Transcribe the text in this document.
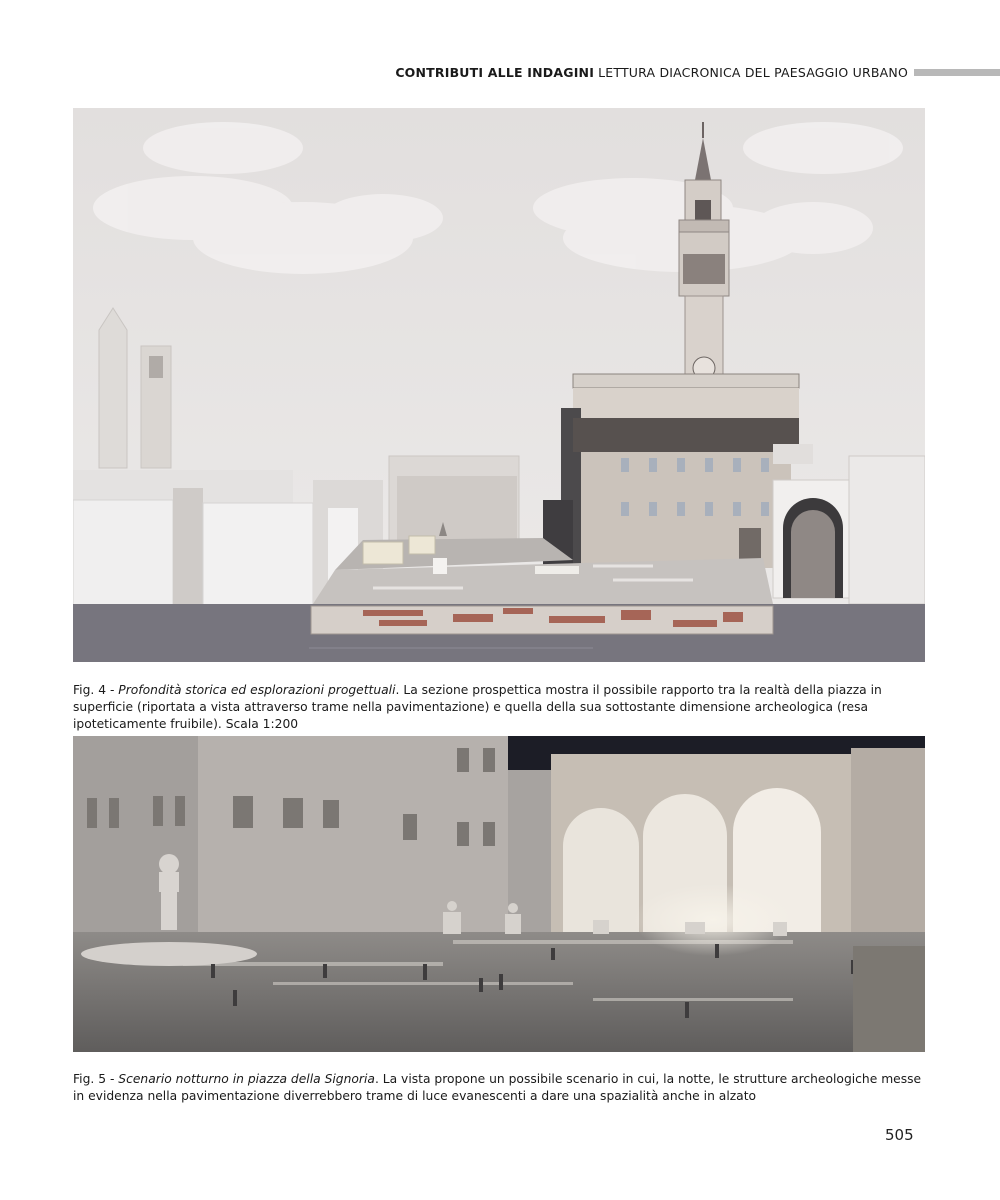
CONTRIBUTI ALLE INDAGINI LETTURA DIACRONICA DEL PAESAGGIO URBANO
Fig. 4 - Profondità storica ed esplorazioni progettuali. La sezione prospettica mostra il possibile rapporto tra la realtà della piazza in superficie (riportata a vista attraverso trame nella pavimentazione) e quella della sua sottostante dimensione archeologica (resa ipoteticamente fruibile). Scala 1:200
Fig. 5 - Scenario notturno in piazza della Signoria. La vista propone un possibile scenario in cui, la notte, le strutture archeologiche messe in evidenza nella pavimentazione diverrebbero trame di luce evanescenti a dare una spazialità anche in alzato
505
